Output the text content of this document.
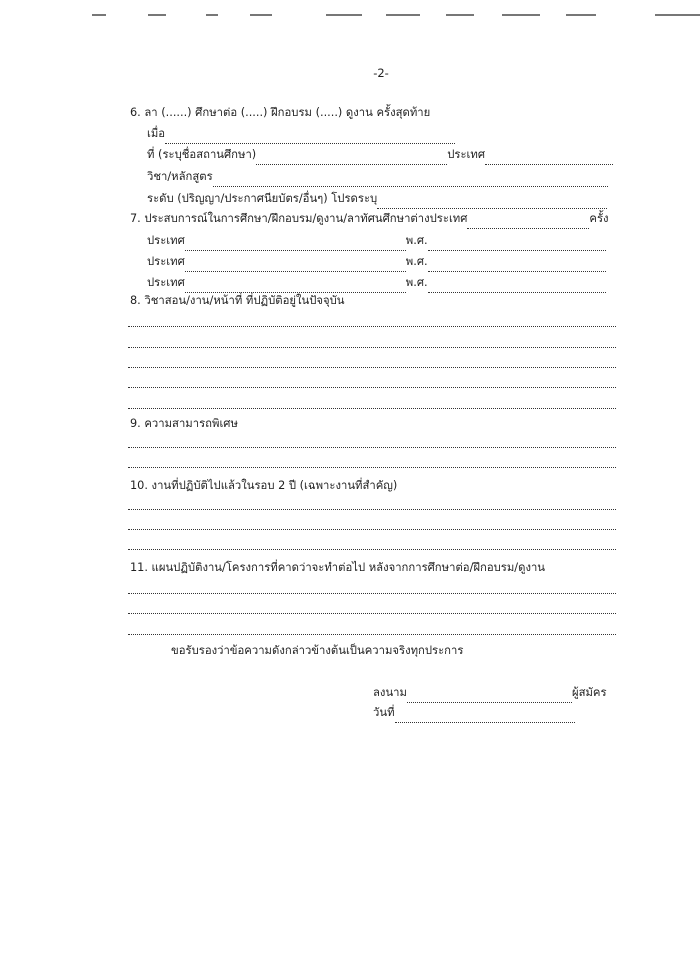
-2-
6. ลา (......) ศึกษาต่อ (.....) ฝึกอบรม (.....) ดูงาน ครั้งสุดท้าย
เมื่อ
ที่ (ระบุชื่อสถานศึกษา)	ประเทศ
วิชา/หลักสูตร
ระดับ (ปริญญา/ประกาศนียบัตร/อื่นๆ) โปรดระบุ
7. ประสบการณ์ในการศึกษา/ฝึกอบรม/ดูงาน/ลาทัศนศึกษาต่างประเทศ	ครั้ง
ประเทศ	พ.ศ.
ประเทศ	พ.ศ.
ประเทศ	พ.ศ.
8. วิชาสอน/งาน/หน้าที่ ที่ปฏิบัติอยู่ในปัจจุบัน
9. ความสามารถพิเศษ
10. งานที่ปฏิบัติไปแล้วในรอบ 2 ปี (เฉพาะงานที่สำคัญ)
11. แผนปฏิบัติงาน/โครงการที่คาดว่าจะทำต่อไป หลังจากการศึกษาต่อ/ฝึกอบรม/ดูงาน
ขอรับรองว่าข้อความดังกล่าวข้างต้นเป็นความจริงทุกประการ
ลงนาม	ผู้สมัคร
วันที่
